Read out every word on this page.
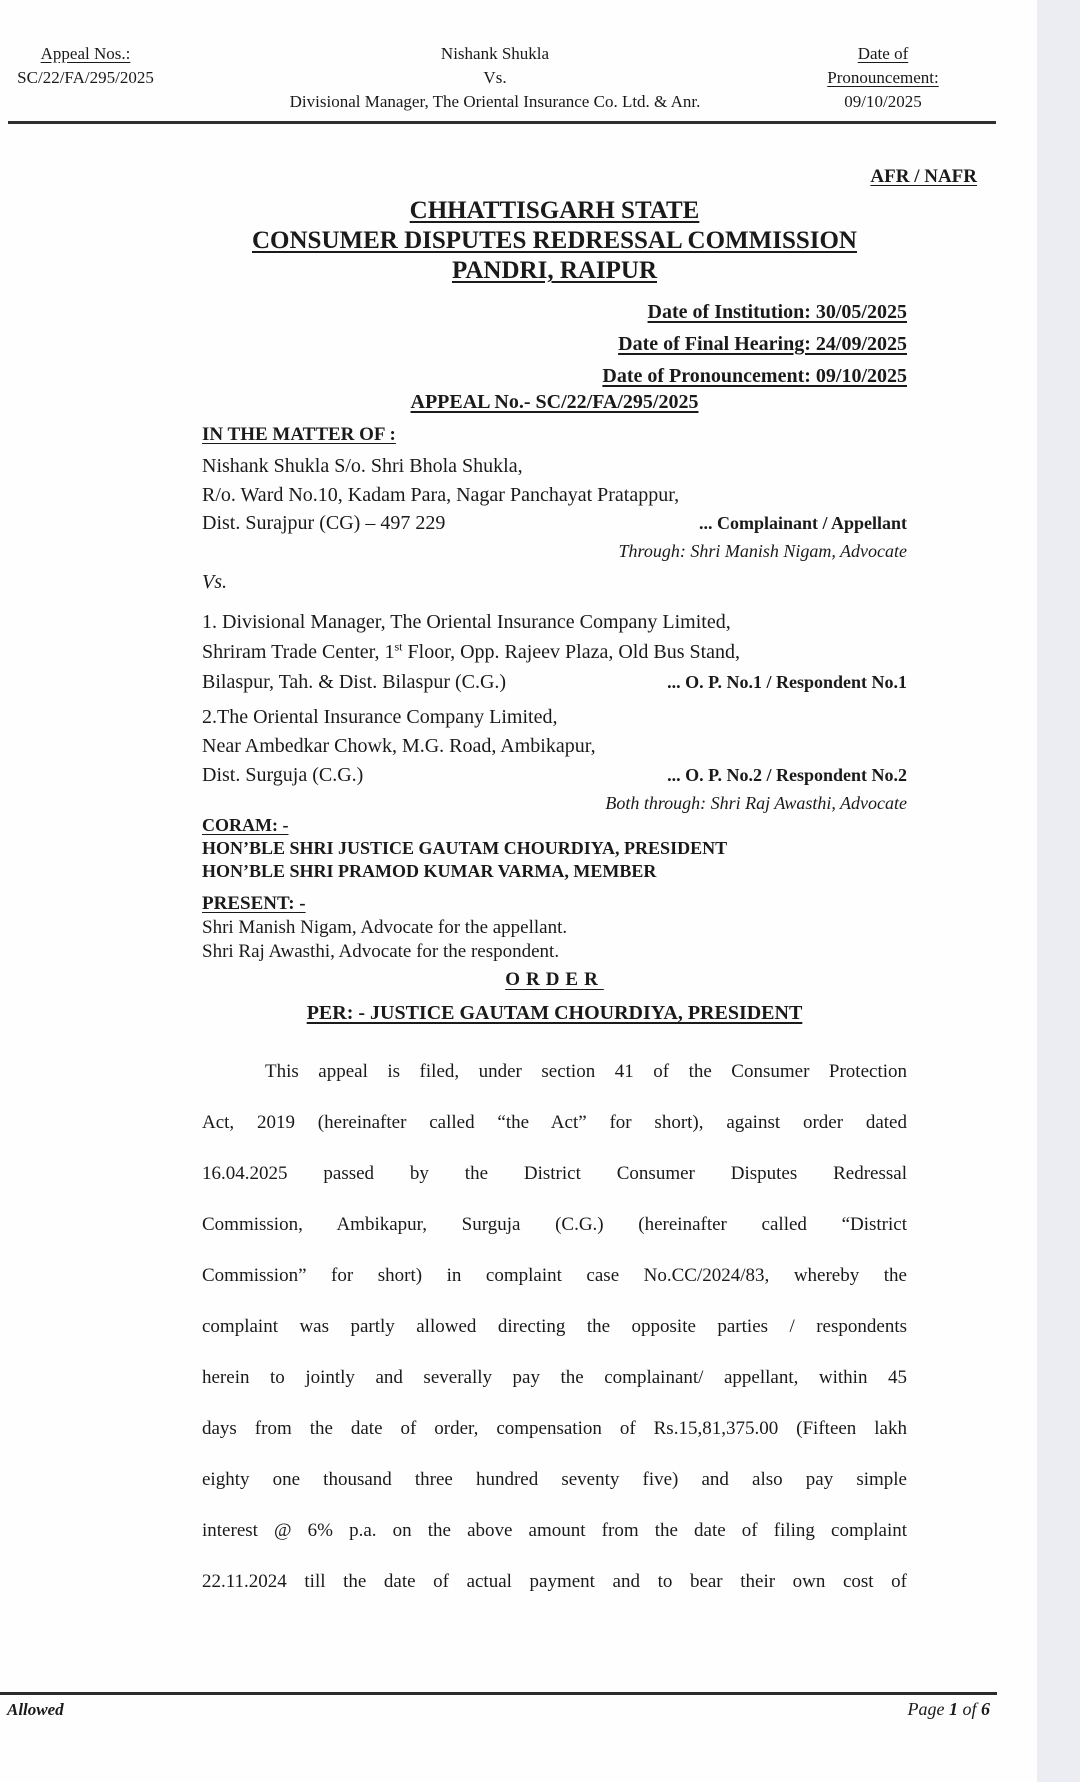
Appeal Nos.:
SC/22/FA/295/2025
Nishank Shukla
Vs.
Divisional Manager, The Oriental Insurance Co. Ltd. & Anr.
Date of
Pronouncement:
09/10/2025
AFR / NAFR
CHHATTISGARH STATE
CONSUMER DISPUTES REDRESSAL COMMISSION
PANDRI, RAIPUR
Date of Institution: 30/05/2025
Date of Final Hearing: 24/09/2025
Date of Pronouncement: 09/10/2025
APPEAL No.- SC/22/FA/295/2025
IN THE MATTER OF :
Nishank Shukla S/o. Shri Bhola Shukla,
R/o. Ward No.10, Kadam Para, Nagar Panchayat Pratappur,
Dist. Surajpur (CG) – 497 229	... Complainant / Appellant
Through: Shri Manish Nigam, Advocate
Vs.
1. Divisional Manager, The Oriental Insurance Company Limited,
Shriram Trade Center, 1st Floor, Opp. Rajeev Plaza, Old Bus Stand,
Bilaspur, Tah. & Dist. Bilaspur (C.G.)	... O. P. No.1 / Respondent No.1
2.The Oriental Insurance Company Limited,
Near Ambedkar Chowk, M.G. Road, Ambikapur,
Dist. Surguja (C.G.)	... O. P. No.2 / Respondent No.2
Both through: Shri Raj Awasthi, Advocate
CORAM: -
HON’BLE SHRI JUSTICE GAUTAM CHOURDIYA, PRESIDENT
HON’BLE SHRI PRAMOD KUMAR VARMA, MEMBER
PRESENT: -
Shri Manish Nigam, Advocate for the appellant.
Shri Raj Awasthi, Advocate for the respondent.
ORDER
PER: - JUSTICE GAUTAM CHOURDIYA, PRESIDENT
This appeal is filed, under section 41 of the Consumer Protection
Act, 2019 (hereinafter called “the Act” for short), against order dated
16.04.2025 passed by the District Consumer Disputes Redressal
Commission, Ambikapur, Surguja (C.G.) (hereinafter called “District
Commission” for short) in complaint case No.CC/2024/83, whereby the
complaint was partly allowed directing the opposite parties / respondents
herein to jointly and severally pay the complainant/ appellant, within 45
days from the date of order, compensation of Rs.15,81,375.00 (Fifteen lakh
eighty one thousand three hundred seventy five) and also pay simple
interest @ 6% p.a. on the above amount from the date of filing complaint
22.11.2024 till the date of actual payment and to bear their own cost of
Allowed	Page 1 of 6
